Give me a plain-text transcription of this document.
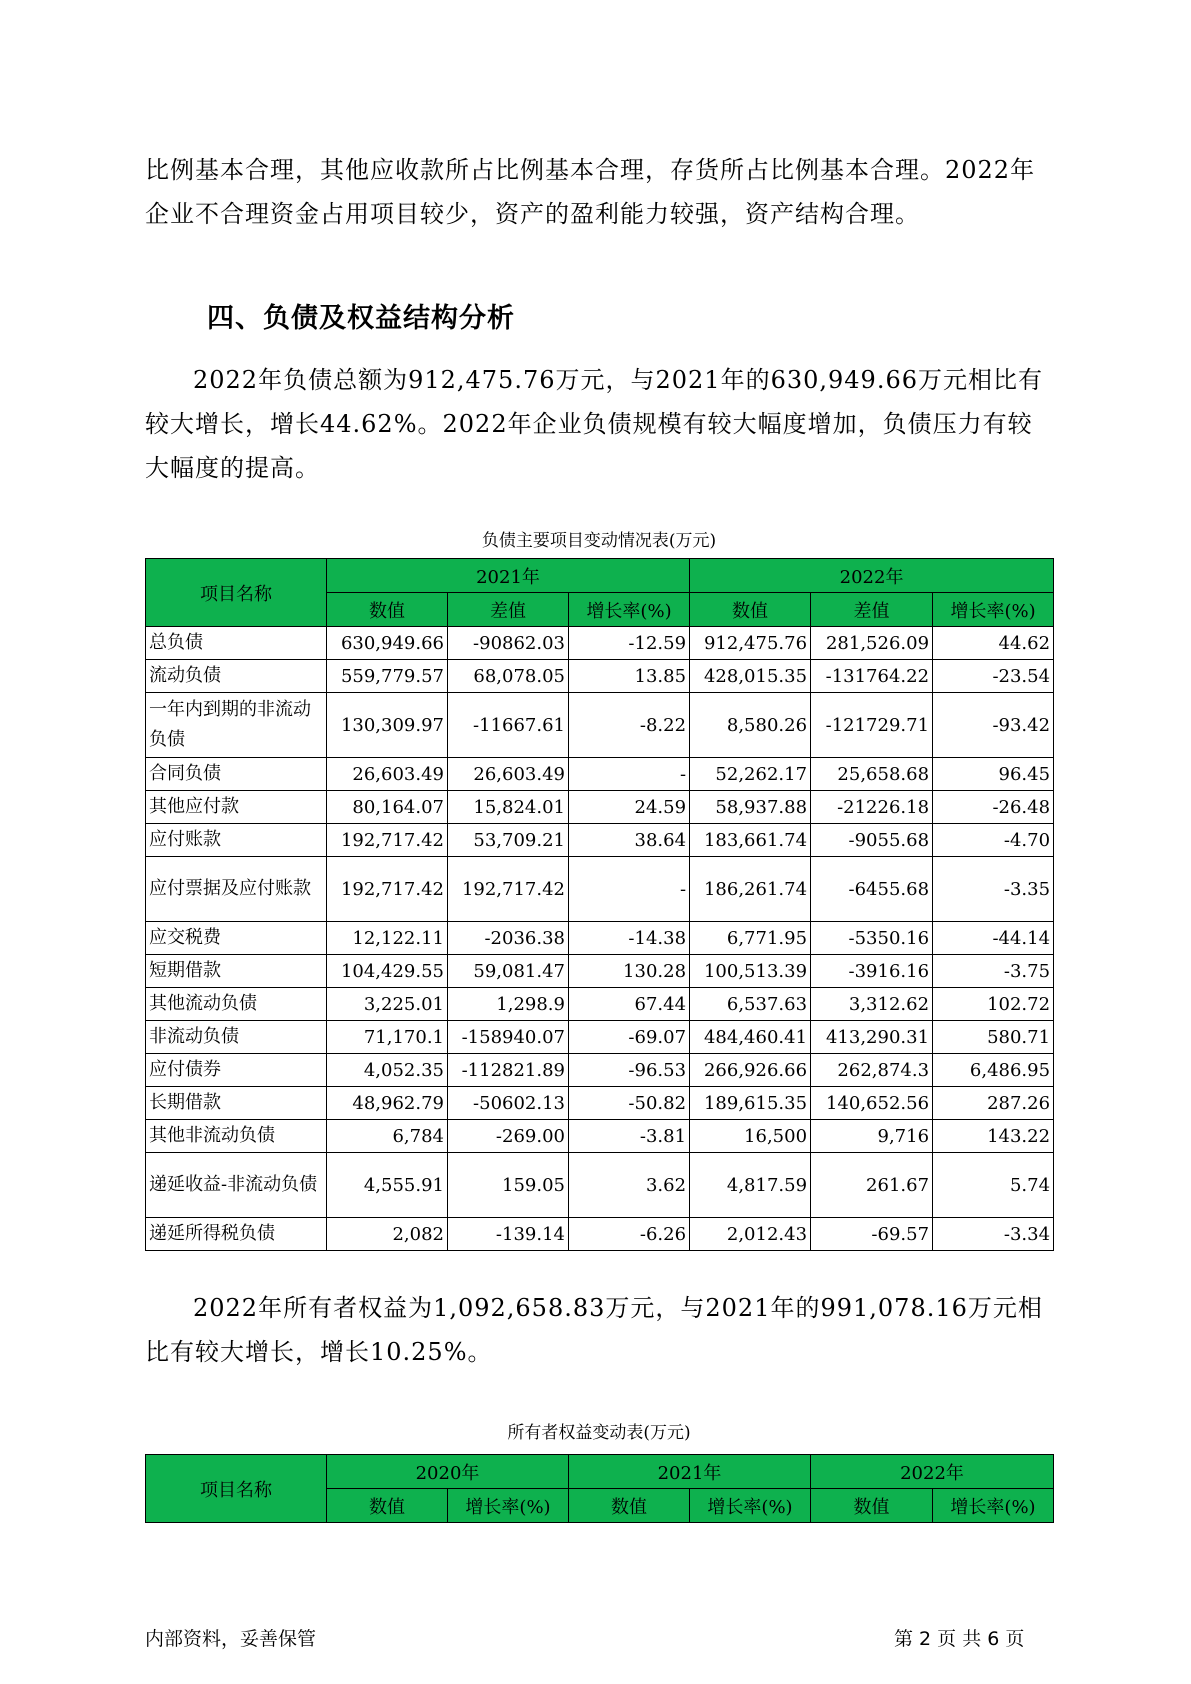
比例基本合理，其他应收款所占比例基本合理，存货所占比例基本合理。2022年企业不合理资金占用项目较少，资产的盈利能力较强，资产结构合理。

四、负债及权益结构分析

2022年负债总额为912,475.76万元，与2021年的630,949.66万元相比有较大增长，增长44.62%。2022年企业负债规模有较大幅度增加，负债压力有较大幅度的提高。

负债主要项目变动情况表(万元)

项目名称	2021年			2022年		
	数值	差值	增长率(%)	数值	差值	增长率(%)
总负债	630,949.66	-90862.03	-12.59	912,475.76	281,526.09	44.62
流动负债	559,779.57	68,078.05	13.85	428,015.35	-131764.22	-23.54
一年内到期的非流动负债	130,309.97	-11667.61	-8.22	8,580.26	-121729.71	-93.42
合同负债	26,603.49	26,603.49	-	52,262.17	25,658.68	96.45
其他应付款	80,164.07	15,824.01	24.59	58,937.88	-21226.18	-26.48
应付账款	192,717.42	53,709.21	38.64	183,661.74	-9055.68	-4.70
应付票据及应付账款	192,717.42	192,717.42	-	186,261.74	-6455.68	-3.35
应交税费	12,122.11	-2036.38	-14.38	6,771.95	-5350.16	-44.14
短期借款	104,429.55	59,081.47	130.28	100,513.39	-3916.16	-3.75
其他流动负债	3,225.01	1,298.9	67.44	6,537.63	3,312.62	102.72
非流动负债	71,170.1	-158940.07	-69.07	484,460.41	413,290.31	580.71
应付债券	4,052.35	-112821.89	-96.53	266,926.66	262,874.3	6,486.95
长期借款	48,962.79	-50602.13	-50.82	189,615.35	140,652.56	287.26
其他非流动负债	6,784	-269.00	-3.81	16,500	9,716	143.22
递延收益-非流动负债	4,555.91	159.05	3.62	4,817.59	261.67	5.74
递延所得税负债	2,082	-139.14	-6.26	2,012.43	-69.57	-3.34

2022年所有者权益为1,092,658.83万元，与2021年的991,078.16万元相比有较大增长，增长10.25%。

所有者权益变动表(万元)

项目名称	2020年		2021年		2022年	
	数值	增长率(%)	数值	增长率(%)	数值	增长率(%)

内部资料，妥善保管	第 2 页 共 6 页
